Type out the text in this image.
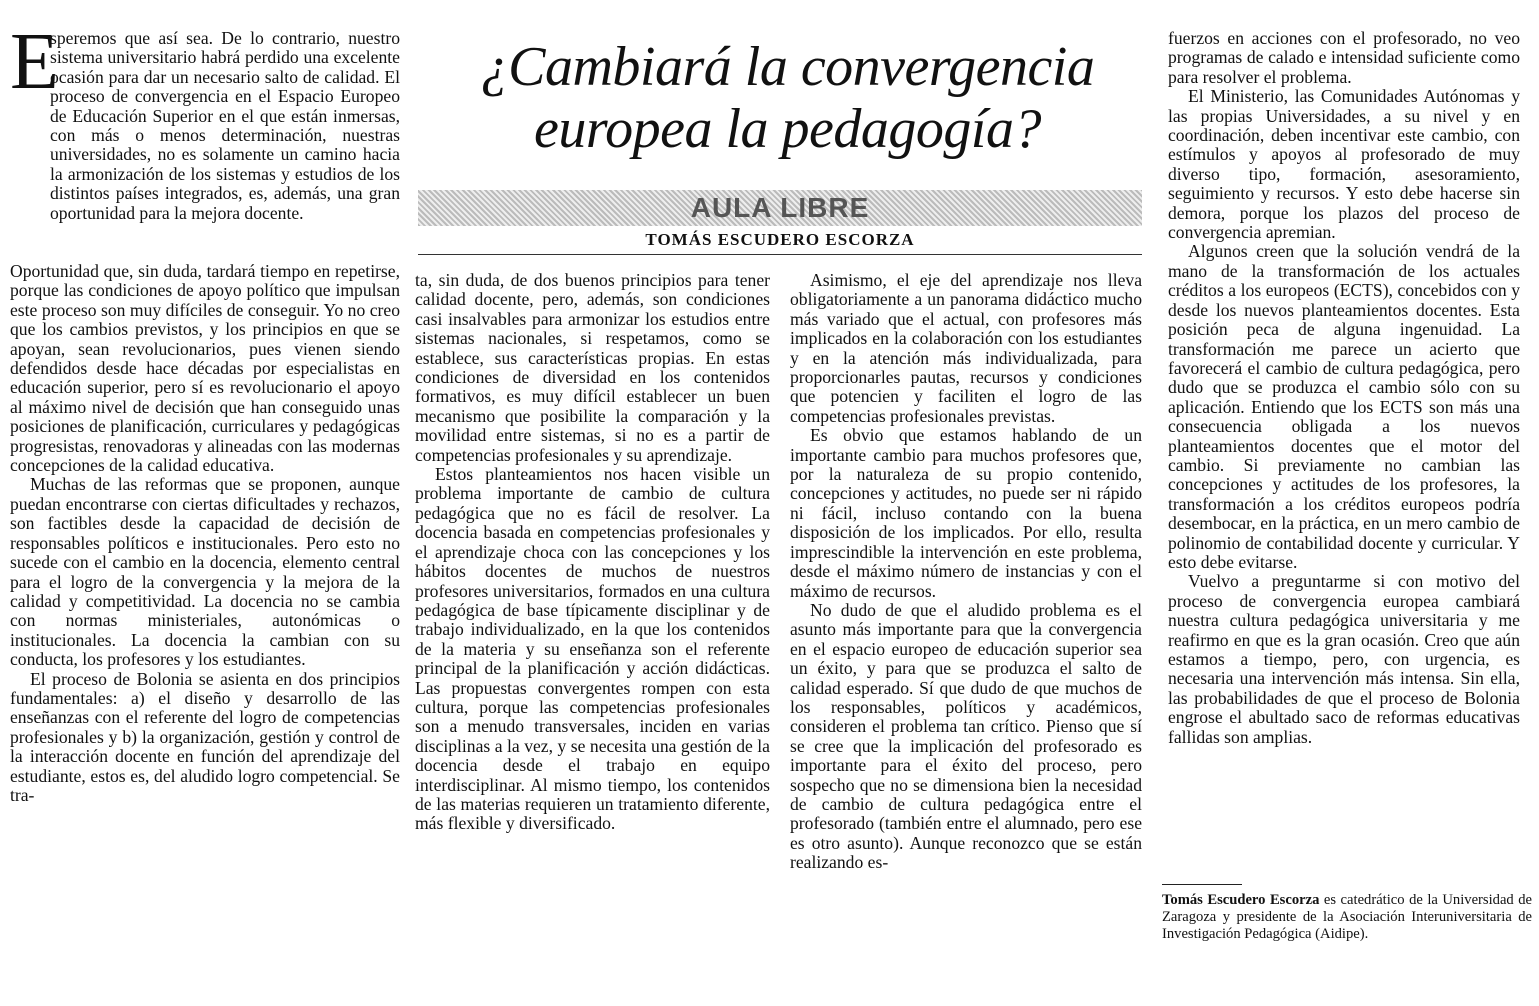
¿Cambiará la convergencia europea la pedagogía?
AULA LIBRE
TOMÁS ESCUDERO ESCORZA
E

speremos que así sea. De lo contrario, nuestro sistema universitario habrá perdido una excelente ocasión para dar un necesario salto de calidad. El proceso de convergencia en el Espacio Europeo de Educación Superior en el que están inmersas, con más o menos determinación, nuestras universidades, no es solamente un camino hacia la armonización de los sistemas y estudios de los distintos países integrados, es, además, una gran oportunidad para la mejora docente.

Oportunidad que, sin duda, tardará tiempo en repetirse, porque las condiciones de apoyo político que impulsan este proceso son muy difíciles de conseguir. Yo no creo que los cambios previstos, y los principios en que se apoyan, sean revolucionarios, pues vienen siendo defendidos desde hace décadas por especialistas en educación superior, pero sí es revolucionario el apoyo al máximo nivel de decisión que han conseguido unas posiciones de planificación, curriculares y pedagógicas progresistas, renovadoras y alineadas con las modernas concepciones de la calidad educativa.

Muchas de las reformas que se proponen, aunque puedan encontrarse con ciertas dificultades y rechazos, son factibles desde la capacidad de decisión de responsables políticos e institucionales. Pero esto no sucede con el cambio en la docencia, elemento central para el logro de la convergencia y la mejora de la calidad y competitividad. La docencia no se cambia con normas ministeriales, autonómicas o institucionales. La docencia la cambian con su conducta, los profesores y los estudiantes.

El proceso de Bolonia se asienta en dos principios fundamentales: a) el diseño y desarrollo de las enseñanzas con el referente del logro de competencias profesionales y b) la organización, gestión y control de la interacción docente en función del aprendizaje del estudiante, estos es, del aludido logro competencial. Se tra-

ta, sin duda, de dos buenos principios para tener calidad docente, pero, además, son condiciones casi insalvables para armonizar los estudios entre sistemas nacionales, si respetamos, como se establece, sus características propias. En estas condiciones de diversidad en los contenidos formativos, es muy difícil establecer un buen mecanismo que posibilite la comparación y la movilidad entre sistemas, si no es a partir de competencias profesionales y su aprendizaje.

Estos planteamientos nos hacen visible un problema importante de cambio de cultura pedagógica que no es fácil de resolver. La docencia basada en competencias profesionales y el aprendizaje choca con las concepciones y los hábitos docentes de muchos de nuestros profesores universitarios, formados en una cultura pedagógica de base típicamente disciplinar y de trabajo individualizado, en la que los contenidos de la materia y su enseñanza son el referente principal de la planificación y acción didácticas. Las propuestas convergentes rompen con esta cultura, porque las competencias profesionales son a menudo transversales, inciden en varias disciplinas a la vez, y se necesita una gestión de la docencia desde el trabajo en equipo interdisciplinar. Al mismo tiempo, los contenidos de las materias requieren un tratamiento diferente, más flexible y diversificado.

Asimismo, el eje del aprendizaje nos lleva obligatoriamente a un panorama didáctico mucho más variado que el actual, con profesores más implicados en la colaboración con los estudiantes y en la atención más individualizada, para proporcionarles pautas, recursos y condiciones que potencien y faciliten el logro de las competencias profesionales previstas.

Es obvio que estamos hablando de un importante cambio para muchos profesores que, por la naturaleza de su propio contenido, concepciones y actitudes, no puede ser ni rápido ni fácil, incluso contando con la buena disposición de los implicados. Por ello, resulta imprescindible la intervención en este problema, desde el máximo número de instancias y con el máximo de recursos.

No dudo de que el aludido problema es el asunto más importante para que la convergencia en el espacio europeo de educación superior sea un éxito, y para que se produzca el salto de calidad esperado. Sí que dudo de que muchos de los responsables, políticos y académicos, consideren el problema tan crítico. Pienso que sí se cree que la implicación del profesorado es importante para el éxito del proceso, pero sospecho que no se dimensiona bien la necesidad de cambio de cultura pedagógica entre el profesorado (también entre el alumnado, pero ese es otro asunto). Aunque reconozco que se están realizando es-

fuerzos en acciones con el profesorado, no veo programas de calado e intensidad suficiente como para resolver el problema.

El Ministerio, las Comunidades Autónomas y las propias Universidades, a su nivel y en coordinación, deben incentivar este cambio, con estímulos y apoyos al profesorado de muy diverso tipo, formación, asesoramiento, seguimiento y recursos. Y esto debe hacerse sin demora, porque los plazos del proceso de convergencia apremian.

Algunos creen que la solución vendrá de la mano de la transformación de los actuales créditos a los europeos (ECTS), concebidos con y desde los nuevos planteamientos docentes. Esta posición peca de alguna ingenuidad. La transformación me parece un acierto que favorecerá el cambio de cultura pedagógica, pero dudo que se produzca el cambio sólo con su aplicación. Entiendo que los ECTS son más una consecuencia obligada a los nuevos planteamientos docentes que el motor del cambio. Si previamente no cambian las concepciones y actitudes de los profesores, la transformación a los créditos europeos podría desembocar, en la práctica, en un mero cambio de polinomio de contabilidad docente y curricular. Y esto debe evitarse.

Vuelvo a preguntarme si con motivo del proceso de convergencia europea cambiará nuestra cultura pedagógica universitaria y me reafirmo en que es la gran ocasión. Creo que aún estamos a tiempo, pero, con urgencia, es necesaria una intervención más intensa. Sin ella, las probabilidades de que el proceso de Bolonia engrose el abultado saco de reformas educativas fallidas son amplias.

Tomás Escudero Escorza es catedrático de la Universidad de Zaragoza y presidente de la Asociación Interuniversitaria de Investigación Pedagógica (Aidipe).
